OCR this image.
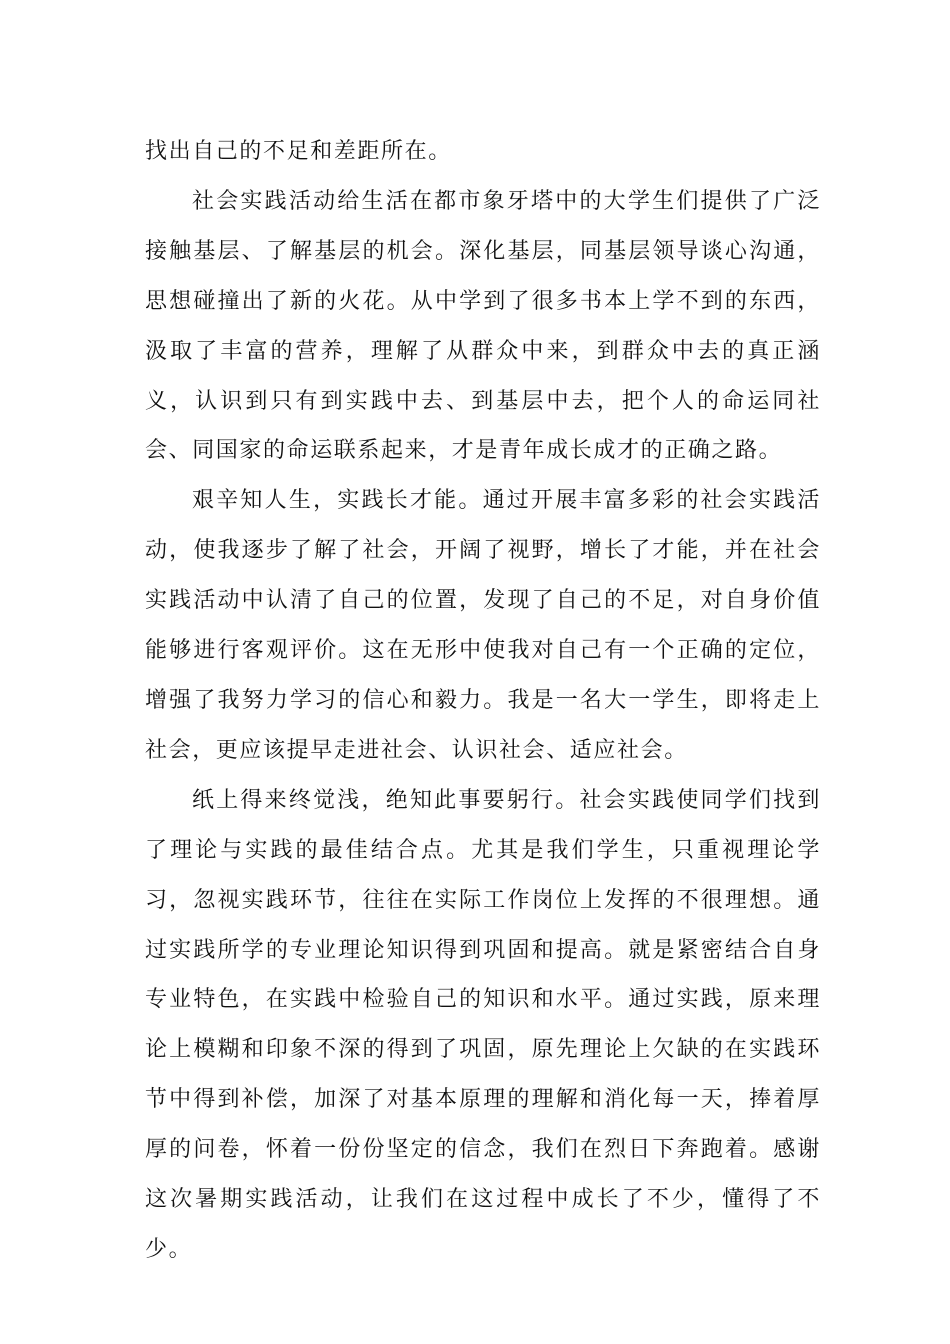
找出自己的不足和差距所在。

社会实践活动给生活在都市象牙塔中的大学生们提供了广泛接触基层、了解基层的机会。深化基层，同基层领导谈心沟通，思想碰撞出了新的火花。从中学到了很多书本上学不到的东西，汲取了丰富的营养，理解了从群众中来，到群众中去的真正涵义，认识到只有到实践中去、到基层中去，把个人的命运同社会、同国家的命运联系起来，才是青年成长成才的正确之路。

艰辛知人生，实践长才能。通过开展丰富多彩的社会实践活动，使我逐步了解了社会，开阔了视野，增长了才能，并在社会实践活动中认清了自己的位置，发现了自己的不足，对自身价值能够进行客观评价。这在无形中使我对自己有一个正确的定位，增强了我努力学习的信心和毅力。我是一名大一学生，即将走上社会，更应该提早走进社会、认识社会、适应社会。

纸上得来终觉浅，绝知此事要躬行。社会实践使同学们找到了理论与实践的最佳结合点。尤其是我们学生，只重视理论学习，忽视实践环节，往往在实际工作岗位上发挥的不很理想。通过实践所学的专业理论知识得到巩固和提高。就是紧密结合自身专业特色，在实践中检验自己的知识和水平。通过实践，原来理论上模糊和印象不深的得到了巩固，原先理论上欠缺的在实践环节中得到补偿，加深了对基本原理的理解和消化每一天，捧着厚厚的问卷，怀着一份份坚定的信念，我们在烈日下奔跑着。感谢这次暑期实践活动，让我们在这过程中成长了不少，懂得了不少。
